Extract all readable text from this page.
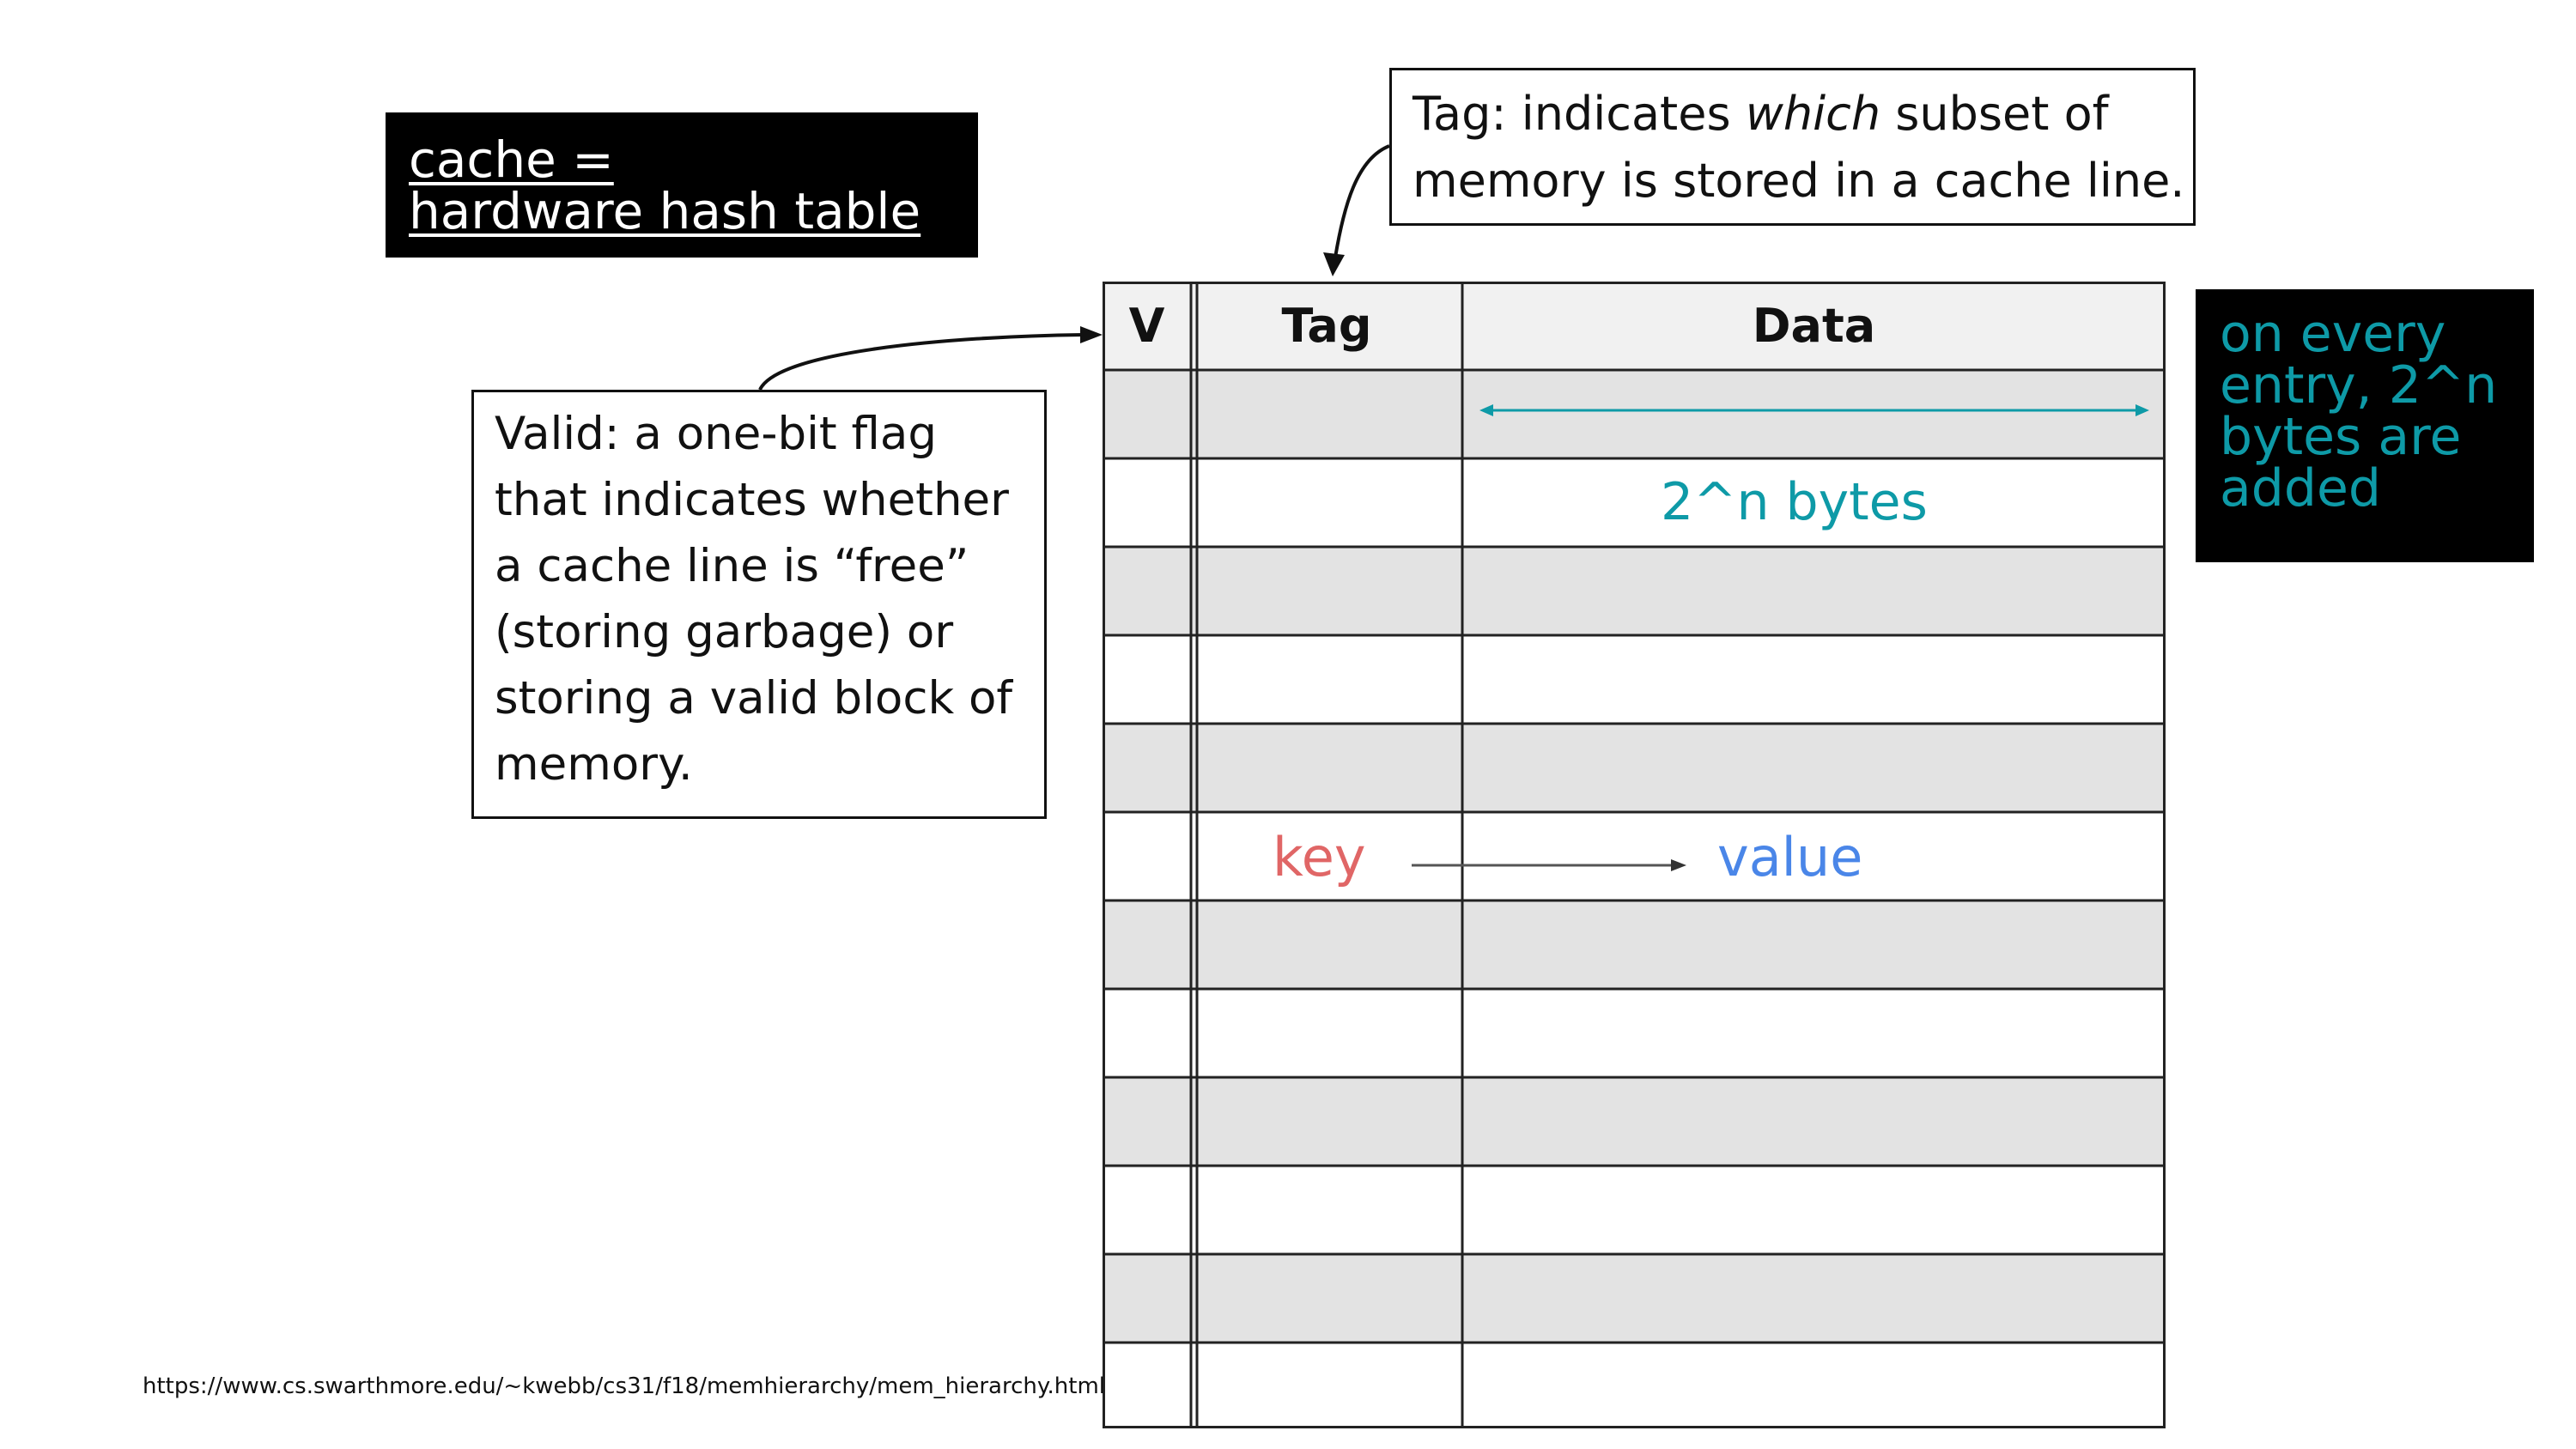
cache =
hardware hash table
on every
entry, 2^n
bytes are
added
Tag: indicates which subset of
memory is stored in a cache line.
Valid: a one-bit flag
that indicates whether
a cache line is “free”
(storing garbage) or
storing a valid block of
memory.
V	Tag	Data
2^n bytes
key	value
https://www.cs.swarthmore.edu/~kwebb/cs31/f18/memhierarchy/mem_hierarchy.html
